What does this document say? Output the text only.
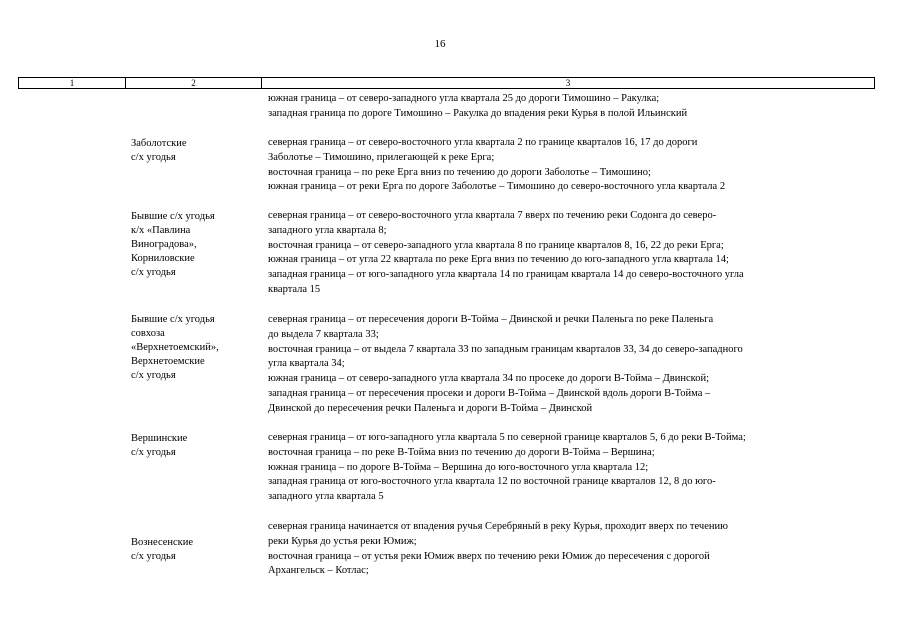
16
1	2	3
южная граница – от северо-западного угла квартала 25 до дороги Тимошино – Ракулка;
западная граница по дороге Тимошино – Ракулка до впадения реки Курья в полой Ильинский
Заболотские
с/х угодья
северная граница – от северо-восточного угла квартала 2 по границе кварталов 16, 17 до дороги
Заболотье – Тимошино, прилегающей к реке Ерга;
восточная граница – по реке Ерга вниз по течению до дороги Заболотье – Тимошино;
южная граница – от реки Ерга по дороге Заболотье – Тимошино до северо-восточного угла квартала 2
Бывшие с/х угодья
к/х «Павлина
Виноградова»,
Корниловские
с/х угодья
северная граница – от северо-восточного угла квартала 7 вверх по течению реки Содонга до северо-
западного угла квартала 8;
восточная граница – от северо-западного угла квартала 8 по границе кварталов 8, 16, 22 до реки Ерга;
южная граница – от угла 22 квартала по реке Ерга вниз по течению до юго-западного угла квартала 14;
западная граница – от юго-западного угла квартала 14 по границам квартала 14 до северо-восточного угла
квартала 15
Бывшие с/х угодья
совхоза
«Верхнетоемский»,
Верхнетоемские
с/х угодья
северная граница – от пересечения дороги В-Тойма – Двинской и речки Паленьга по реке Паленьга
до выдела 7 квартала 33;
восточная граница – от выдела 7 квартала 33 по западным границам кварталов 33, 34 до северо-западного
угла квартала 34;
южная граница – от северо-западного угла квартала 34 по просеке до дороги В-Тойма – Двинской;
западная граница – от пересечения просеки и дороги В-Тойма – Двинской вдоль дороги В-Тойма –
Двинской до пересечения речки Паленьга и дороги В-Тойма – Двинской
Вершинские
с/х угодья
северная граница – от юго-западного угла квартала 5 по северной границе кварталов 5, 6 до реки В-Тойма;
восточная граница – по реке В-Тойма вниз по течению до дороги В-Тойма – Вершина;
южная граница – по дороге В-Тойма – Вершина до юго-восточного угла квартала 12;
западная граница от юго-восточного угла квартала 12 по восточной границе кварталов 12, 8 до юго-
западного угла квартала 5
Вознесенские
с/х угодья
северная граница начинается от впадения ручья Серебряный в реку Курья, проходит вверх по течению
реки Курья до устья реки Юмиж;
восточная граница – от устья реки Юмиж вверх по течению реки Юмиж до пересечения с дорогой
Архангельск – Котлас;
